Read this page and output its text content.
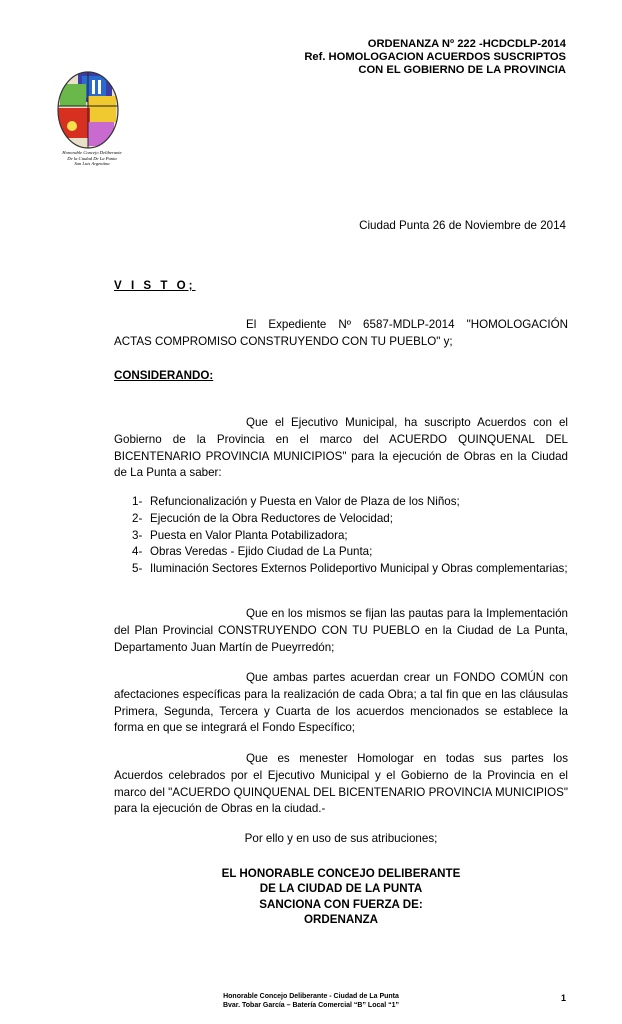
ORDENANZA Nº 222 -HCDCDLP-2014
Ref. HOMOLOGACION ACUERDOS SUSCRIPTOS
CON EL GOBIERNO DE LA PROVINCIA
Honorable Concejo Deliberante
De la Ciudad De La Punta
San Luis Argentina
Ciudad Punta 26 de Noviembre de 2014
V I S T O;
El Expediente Nº 6587-MDLP-2014 "HOMOLOGACIÓN ACTAS COMPROMISO CONSTRUYENDO CON TU PUEBLO" y;
CONSIDERANDO:
Que el Ejecutivo Municipal, ha suscripto Acuerdos con el Gobierno de la Provincia en el marco del ACUERDO QUINQUENAL DEL BICENTENARIO PROVINCIA MUNICIPIOS" para la ejecución de Obras en la Ciudad de La Punta a saber:
1- Refuncionalización y Puesta en Valor de Plaza de los Niños;
2- Ejecución de la Obra Reductores de Velocidad;
3- Puesta en Valor Planta Potabilizadora;
4- Obras Veredas - Ejido Ciudad de La Punta;
5- Iluminación Sectores Externos Polideportivo Municipal y Obras complementarias;
Que en los mismos se fijan las pautas para la Implementación del Plan Provincial CONSTRUYENDO CON TU PUEBLO en la Ciudad de La Punta, Departamento Juan Martín de Pueyrredón;
Que ambas partes acuerdan crear un FONDO COMÚN con afectaciones específicas para la realización de cada Obra; a tal fin que en las cláusulas Primera, Segunda, Tercera y Cuarta de los acuerdos mencionados se establece la forma en que se integrará el Fondo Específico;
Que es menester Homologar en todas sus partes los Acuerdos celebrados por el Ejecutivo Municipal y el Gobierno de la Provincia en el marco del "ACUERDO QUINQUENAL DEL BICENTENARIO PROVINCIA MUNICIPIOS" para la ejecución de Obras en la ciudad.-
Por ello y en uso de sus atribuciones;
EL HONORABLE CONCEJO DELIBERANTE
DE LA CIUDAD DE LA PUNTA
SANCIONA CON FUERZA DE:
ORDENANZA
Honorable Concejo Deliberante - Ciudad de La Punta
Bvar. Tobar García – Batería Comercial “B” Local “1”
1
